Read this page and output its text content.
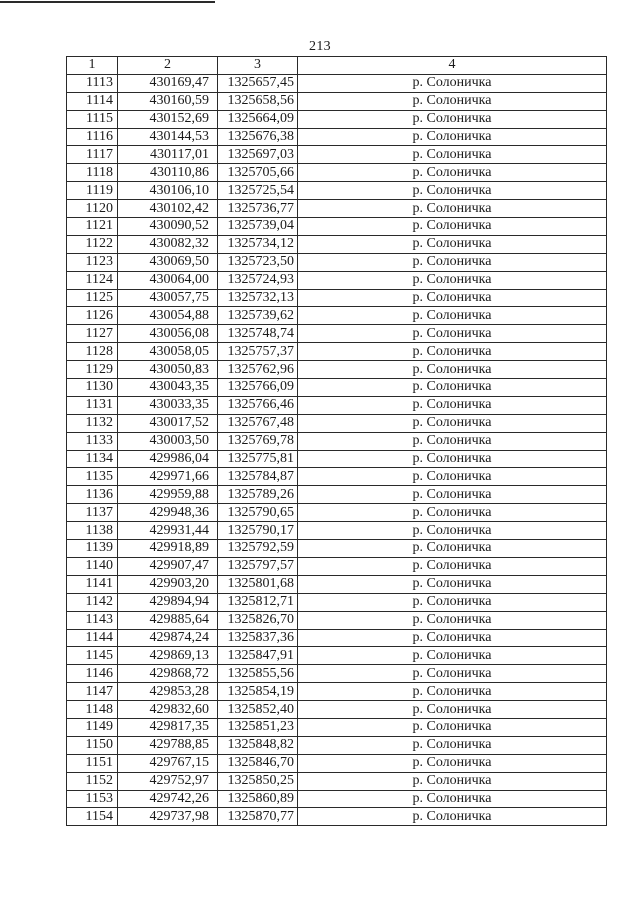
213
1	2	3	4
1113	430169,47	1325657,45	р. Солоничка
1114	430160,59	1325658,56	р. Солоничка
1115	430152,69	1325664,09	р. Солоничка
1116	430144,53	1325676,38	р. Солоничка
1117	430117,01	1325697,03	р. Солоничка
1118	430110,86	1325705,66	р. Солоничка
1119	430106,10	1325725,54	р. Солоничка
1120	430102,42	1325736,77	р. Солоничка
1121	430090,52	1325739,04	р. Солоничка
1122	430082,32	1325734,12	р. Солоничка
1123	430069,50	1325723,50	р. Солоничка
1124	430064,00	1325724,93	р. Солоничка
1125	430057,75	1325732,13	р. Солоничка
1126	430054,88	1325739,62	р. Солоничка
1127	430056,08	1325748,74	р. Солоничка
1128	430058,05	1325757,37	р. Солоничка
1129	430050,83	1325762,96	р. Солоничка
1130	430043,35	1325766,09	р. Солоничка
1131	430033,35	1325766,46	р. Солоничка
1132	430017,52	1325767,48	р. Солоничка
1133	430003,50	1325769,78	р. Солоничка
1134	429986,04	1325775,81	р. Солоничка
1135	429971,66	1325784,87	р. Солоничка
1136	429959,88	1325789,26	р. Солоничка
1137	429948,36	1325790,65	р. Солоничка
1138	429931,44	1325790,17	р. Солоничка
1139	429918,89	1325792,59	р. Солоничка
1140	429907,47	1325797,57	р. Солоничка
1141	429903,20	1325801,68	р. Солоничка
1142	429894,94	1325812,71	р. Солоничка
1143	429885,64	1325826,70	р. Солоничка
1144	429874,24	1325837,36	р. Солоничка
1145	429869,13	1325847,91	р. Солоничка
1146	429868,72	1325855,56	р. Солоничка
1147	429853,28	1325854,19	р. Солоничка
1148	429832,60	1325852,40	р. Солоничка
1149	429817,35	1325851,23	р. Солоничка
1150	429788,85	1325848,82	р. Солоничка
1151	429767,15	1325846,70	р. Солоничка
1152	429752,97	1325850,25	р. Солоничка
1153	429742,26	1325860,89	р. Солоничка
1154	429737,98	1325870,77	р. Солоничка
